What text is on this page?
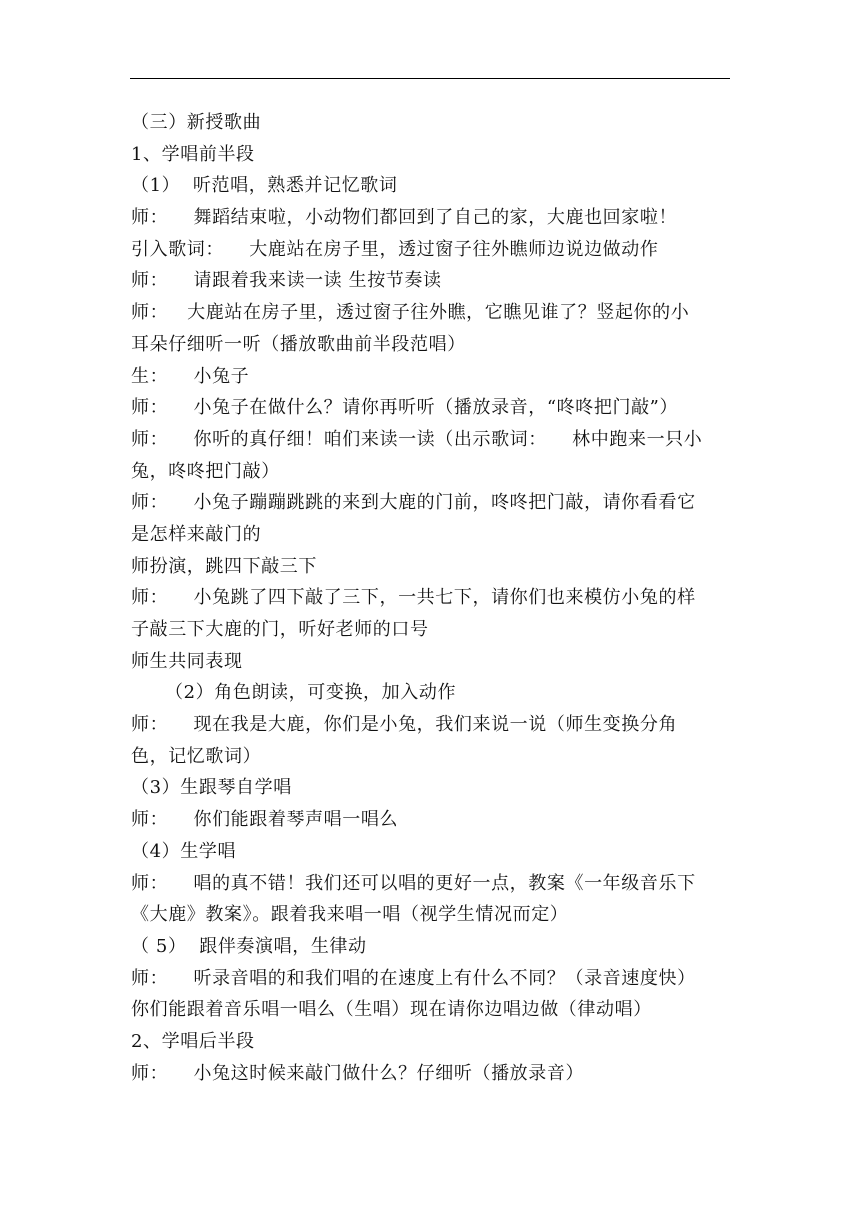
（三）新授歌曲
1、学唱前半段
（1）  听范唱，熟悉并记忆歌词
师：    舞蹈结束啦，小动物们都回到了自己的家，大鹿也回家啦！
引入歌词：    大鹿站在房子里，透过窗子往外瞧师边说边做动作
师：    请跟着我来读一读 生按节奏读
师：   大鹿站在房子里，透过窗子往外瞧，它瞧见谁了？竖起你的小
耳朵仔细听一听（播放歌曲前半段范唱）
生：    小兔子
师：    小兔子在做什么？请你再听听（播放录音，“咚咚把门敲”）
师：    你听的真仔细！咱们来读一读（出示歌词：    林中跑来一只小
兔，咚咚把门敲）
师：    小兔子蹦蹦跳跳的来到大鹿的门前，咚咚把门敲，请你看看它
是怎样来敲门的
师扮演，跳四下敲三下
师：    小兔跳了四下敲了三下，一共七下，请你们也来模仿小兔的样
子敲三下大鹿的门，听好老师的口号
师生共同表现
（2）角色朗读，可变换，加入动作
师：    现在我是大鹿，你们是小兔，我们来说一说（师生变换分角
色，记忆歌词）
（3）生跟琴自学唱
师：    你们能跟着琴声唱一唱么
（4）生学唱
师：    唱的真不错！我们还可以唱的更好一点，教案《一年级音乐下
《大鹿》教案》。跟着我来唱一唱（视学生情况而定）
（ 5）  跟伴奏演唱，生律动
师：    听录音唱的和我们唱的在速度上有什么不同？（录音速度快）
你们能跟着音乐唱一唱么（生唱）现在请你边唱边做（律动唱）
2、学唱后半段
师：    小兔这时候来敲门做什么？仔细听（播放录音）
